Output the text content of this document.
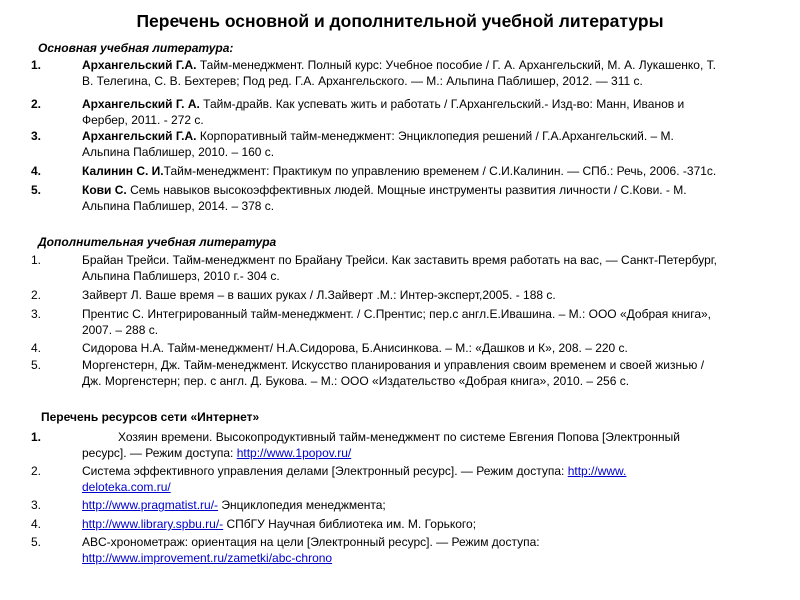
Перечень основной и дополнительной учебной литературы
Основная учебная литература:
1.	Архангельский Г.А. Тайм-менеджмент. Полный курс: Учебное пособие / Г. А. Архангельский, М. А. Лукашенко, Т.
В. Телегина, С. В. Бехтерев; Под ред. Г.А. Архангельского. — М.: Альпина Паблишер, 2012. — 311 с.
2.	Архангельский Г. А. Тайм-драйв. Как успевать жить и работать / Г.Архангельский.- Изд-во: Манн, Иванов и
Фербер, 2011. - 272 с.
3.	Архангельский Г.А. Корпоративный тайм-менеджмент: Энциклопедия решений / Г.А.Архангельский. – М.
Альпина Паблишер, 2010. – 160 с.
4.	Калинин С. И.Тайм-менеджмент: Практикум по управлению временем / С.И.Калинин. — СПб.: Речь, 2006. -371с.
5.	Кови С. Семь навыков высокоэффективных людей. Мощные инструменты развития личности / С.Кови. - М.
Альпина Паблишер, 2014. – 378 с.
Дополнительная учебная литература
1.	Брайан Трейси. Тайм-менеджмент по Брайану Трейси. Как заставить время работать на вас, — Санкт-Петербург,
Альпина Паблишерз, 2010 г.- 304 с.
2.	Зайверт Л. Ваше время – в ваших руках / Л.Зайверт .М.: Интер-эксперт,2005. - 188 с.
3.	Прентис С. Интегрированный тайм-менеджмент. / С.Прентис; пер.с англ.Е.Ивашина. – М.: ООО «Добрая книга»,
2007. – 288 с.
4.	Сидорова Н.А. Тайм-менеджмент/ Н.А.Сидорова, Б.Анисинкова. – М.: «Дашков и К», 208. – 220 с.
5.	Моргенстерн, Дж. Тайм-менеджмент. Искусство планирования и управления своим временем и своей жизнью /
Дж. Моргенстерн; пер. с англ. Д. Букова. – М.: ООО «Издательство «Добрая книга», 2010. – 256 с.
Перечень ресурсов сети «Интернет»
1.	Хозяин времени. Высокопродуктивный тайм-менеджмент по системе Евгения Попова [Электронный
ресурс]. — Режим доступа: http://www.1popov.ru/
2.	Система эффективного управления делами [Электронный ресурс]. — Режим доступа: http://www.
deloteka.com.ru/
3.	http://www.pragmatist.ru/- Энциклопедия менеджмента;
4.	http://www.library.spbu.ru/- СПбГУ Научная библиотека им. М. Горького;
5.	ABC-хронометраж: ориентация на цели [Электронный ресурс]. — Режим доступа:
http://www.improvement.ru/zametki/abc-chrono
